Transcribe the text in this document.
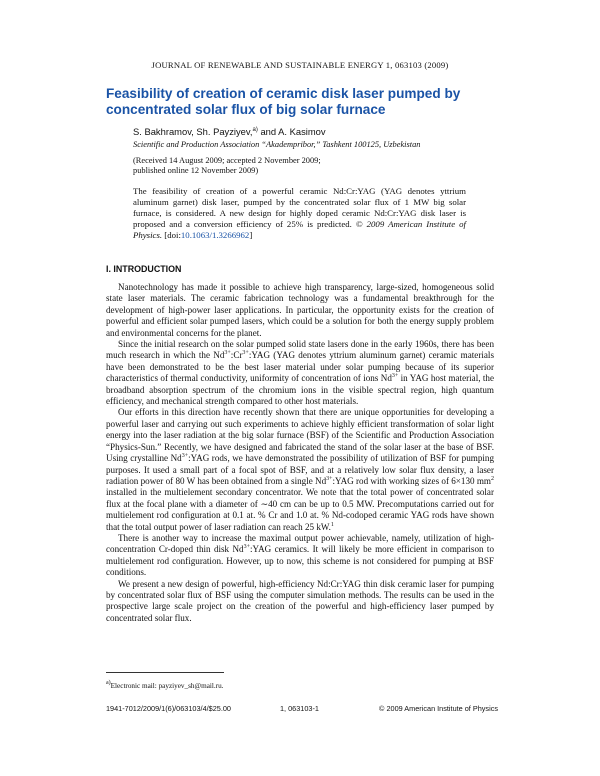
JOURNAL OF RENEWABLE AND SUSTAINABLE ENERGY 1, 063103 (2009)
Feasibility of creation of ceramic disk laser pumped by concentrated solar flux of big solar furnace
S. Bakhramov, Sh. Payziyev,$^{a)}$ and A. Kasimov
Scientific and Production Association “Akadempribor,” Tashkent 100125, Uzbekistan
(Received 14 August 2009; accepted 2 November 2009;
published online 12 November 2009)
The feasibility of creation of a powerful ceramic Nd:Cr:YAG (YAG denotes yttrium aluminum garnet) disk laser, pumped by the concentrated solar flux of 1 MW big solar furnace, is considered. A new design for highly doped ceramic Nd:Cr:YAG disk laser is proposed and a conversion efficiency of 25% is predicted. © 2009 American Institute of Physics. [doi:10.1063/1.3266962]
I. INTRODUCTION

Nanotechnology has made it possible to achieve high transparency, large-sized, homogeneous solid state laser materials. The ceramic fabrication technology was a fundamental breakthrough for the development of high-power laser applications. In particular, the opportunity exists for the creation of powerful and efficient solar pumped lasers, which could be a solution for both the energy supply problem and environmental concerns for the planet.

Since the initial research on the solar pumped solid state lasers done in the early 1960s, there has been much research in which the $Nd^{3+}:Cr^{3+}:YAG$ (YAG denotes yttrium aluminum garnet) ceramic materials have been demonstrated to be the best laser material under solar pumping because of its superior characteristics of thermal conductivity, uniformity of concentration of ions $Nd^{3+}$ in YAG host material, the broadband absorption spectrum of the chromium ions in the visible spectral region, high quantum efficiency, and mechanical strength compared to other host materials.

Our efforts in this direction have recently shown that there are unique opportunities for developing a powerful laser and carrying out such experiments to achieve highly efficient transformation of solar light energy into the laser radiation at the big solar furnace (BSF) of the Scientific and Production Association “Physics-Sun.” Recently, we have designed and fabricated the stand of the solar laser at the base of BSF. Using crystalline $Nd^{3+}:YAG$ rods, we have demonstrated the possibility of utilization of BSF for pumping purposes. It used a small part of a focal spot of BSF, and at a relatively low solar flux density, a laser radiation power of 80 W has been obtained from a single $Nd^{3+}:YAG$ rod with working sizes of 6×130 $mm^2$ installed in the multielement secondary concentrator. We note that the total power of concentrated solar flux at the focal plane with a diameter of ∼40 cm can be up to 0.5 MW. Precomputations carried out for multielement rod configuration at 0.1 at. % Cr and 1.0 at. % Nd-codoped ceramic YAG rods have shown that the total output power of laser radiation can reach 25 kW.$^1$

There is another way to increase the maximal output power achievable, namely, utilization of high-concentration Cr-doped thin disk $Nd^{3+}:YAG$ ceramics. It will likely be more efficient in comparison to multielement rod configuration. However, up to now, this scheme is not considered for pumping at BSF conditions.

We present a new design of powerful, high-efficiency Nd:Cr:YAG thin disk ceramic laser for pumping by concentrated solar flux of BSF using the computer simulation methods. The results can be used in the prospective large scale project on the creation of the powerful and high-efficiency laser pumped by concentrated solar flux.

$^{a)}$Electronic mail: payziyev_sh@mail.ru.
1941-7012/2009/1(6)/063103/4/$25.00	1, 063103-1	© 2009 American Institute of Physics
